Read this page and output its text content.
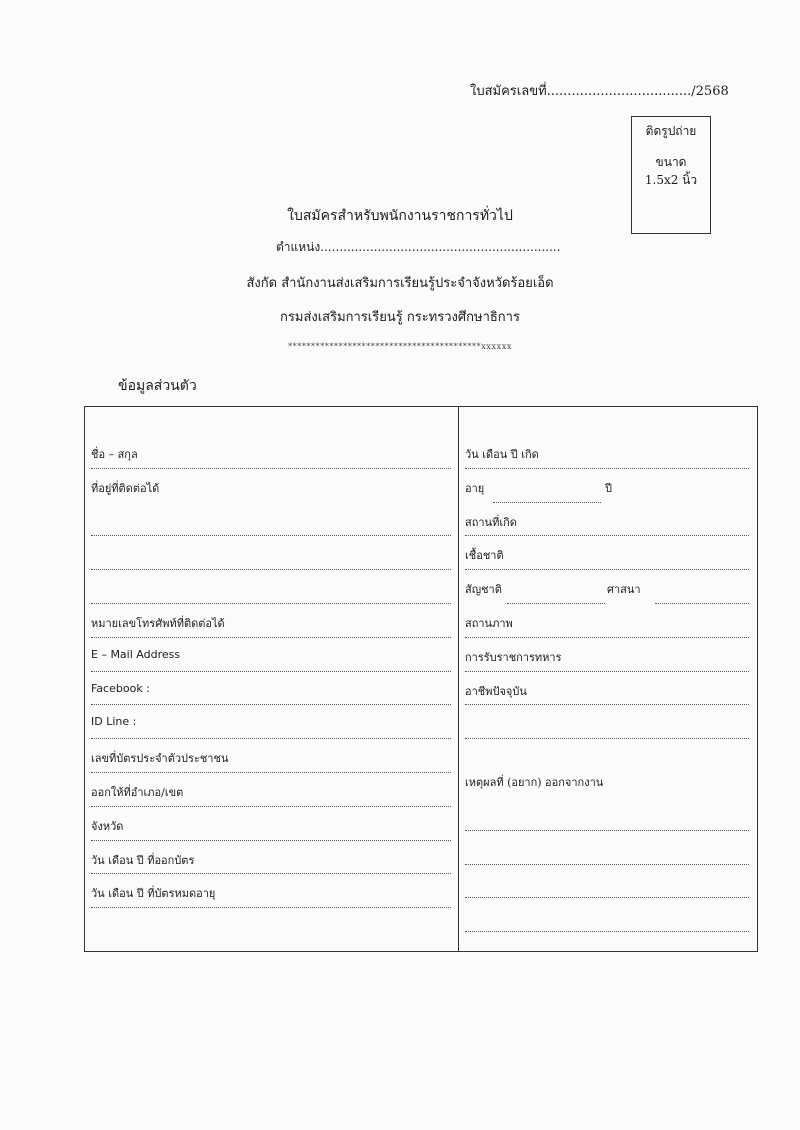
ใบสมัครเลขที่.................................../2568
ติดรูปถ่าย
ขนาด
1.5x2 นิ้ว
ใบสมัครสำหรับพนักงานราชการทั่วไป
ตำแหน่ง...............................................................
สังกัด สำนักงานส่งเสริมการเรียนรู้ประจำจังหวัดร้อยเอ็ด
กรมส่งเสริมการเรียนรู้ กระทรวงศึกษาธิการ
******************************************xxxxxx
ข้อมูลส่วนตัว
ชื่อ – สกุล
ที่อยู่ที่ติดต่อได้
หมายเลขโทรศัพท์ที่ติดต่อได้
E – Mail Address
Facebook :
ID Line :
เลขที่บัตรประจำตัวประชาชน
ออกให้ที่อำเภอ/เขต
จังหวัด
วัน เดือน ปี ที่ออกบัตร
วัน เดือน ปี ที่บัตรหมดอายุ
วัน เดือน ปี เกิด
อายุ	ปี
สถานที่เกิด
เชื้อชาติ
สัญชาติ	ศาสนา
สถานภาพ
การรับราชการทหาร
อาชีพปัจจุบัน
เหตุผลที่ (อยาก) ออกจากงาน
